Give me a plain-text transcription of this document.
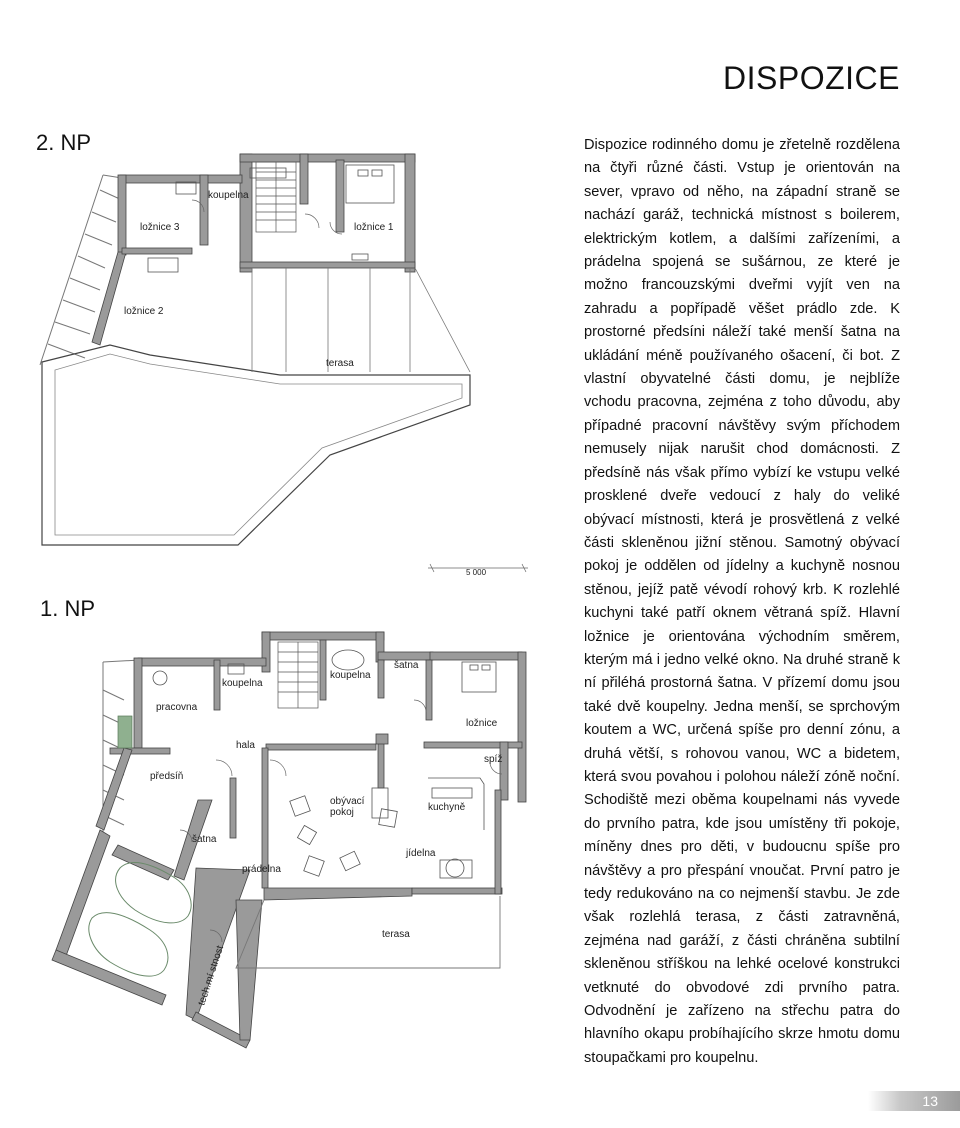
DISPOZICE
2. NP
1. NP
koupelna
ložnice 3	ložnice 1
ložnice 2
terasa
5 000
koupelna
koupelna
šatna
pracovna
ložnice
hala
spíž
předsíň
obývací
pokoj	kuchyně
šatna
jídelna
prádelna
terasa
tech.mí stnost
Dispozice rodinného domu je zřetelně rozdělena na čtyři různé části. Vstup je orientován na sever, vpravo od něho, na západní straně se nachází garáž, technická místnost s boilerem, elektrickým kotlem, a dalšími zařízeními, a prádelna spojená se sušárnou, ze které je možno francouzskými dveřmi vyjít ven na zahradu a popřípadě věšet prádlo zde. K prostorné předsíni náleží také menší šatna na ukládání méně používaného ošacení, či bot. Z vlastní obyvatelné části domu, je nejblíže vchodu pracovna, zejména z toho důvodu, aby případné pracovní návštěvy svým příchodem nemusely nijak narušit chod domácnosti. Z předsíně nás však přímo vybízí ke vstupu velké prosklené dveře vedoucí z haly do veliké obývací místnosti, která je prosvětlená z velké části skleněnou jižní stěnou. Samotný obývací pokoj je oddělen od jídelny a kuchyně nosnou stěnou, jejíž patě vévodí rohový krb. K rozlehlé kuchyni také patří oknem větraná spíž. Hlavní ložnice je orientována východním směrem, kterým má i jedno velké okno. Na druhé straně k ní přiléhá prostorná šatna. V přízemí domu jsou také dvě koupelny. Jedna menší, se sprchovým koutem a WC, určená spíše pro denní zónu, a druhá větší, s rohovou vanou, WC a bidetem, která svou povahou i polohou náleží zóně noční. Schodiště mezi oběma koupelnami nás vyvede do prvního patra, kde jsou umístěny tři pokoje, míněny dnes pro děti, v budoucnu spíše pro návštěvy a pro přespání vnoučat. První patro je tedy redukováno na co nejmenší stavbu. Je zde však rozlehlá terasa, z části zatravněná, zejména nad garáží, z části chráněna subtilní skleněnou stříškou na lehké ocelové konstrukci vetknuté do obvodové zdi prvního patra. Odvodnění je zařízeno na střechu patra do hlavního okapu probíhajícího skrze hmotu domu stoupačkami pro koupelnu.
13
